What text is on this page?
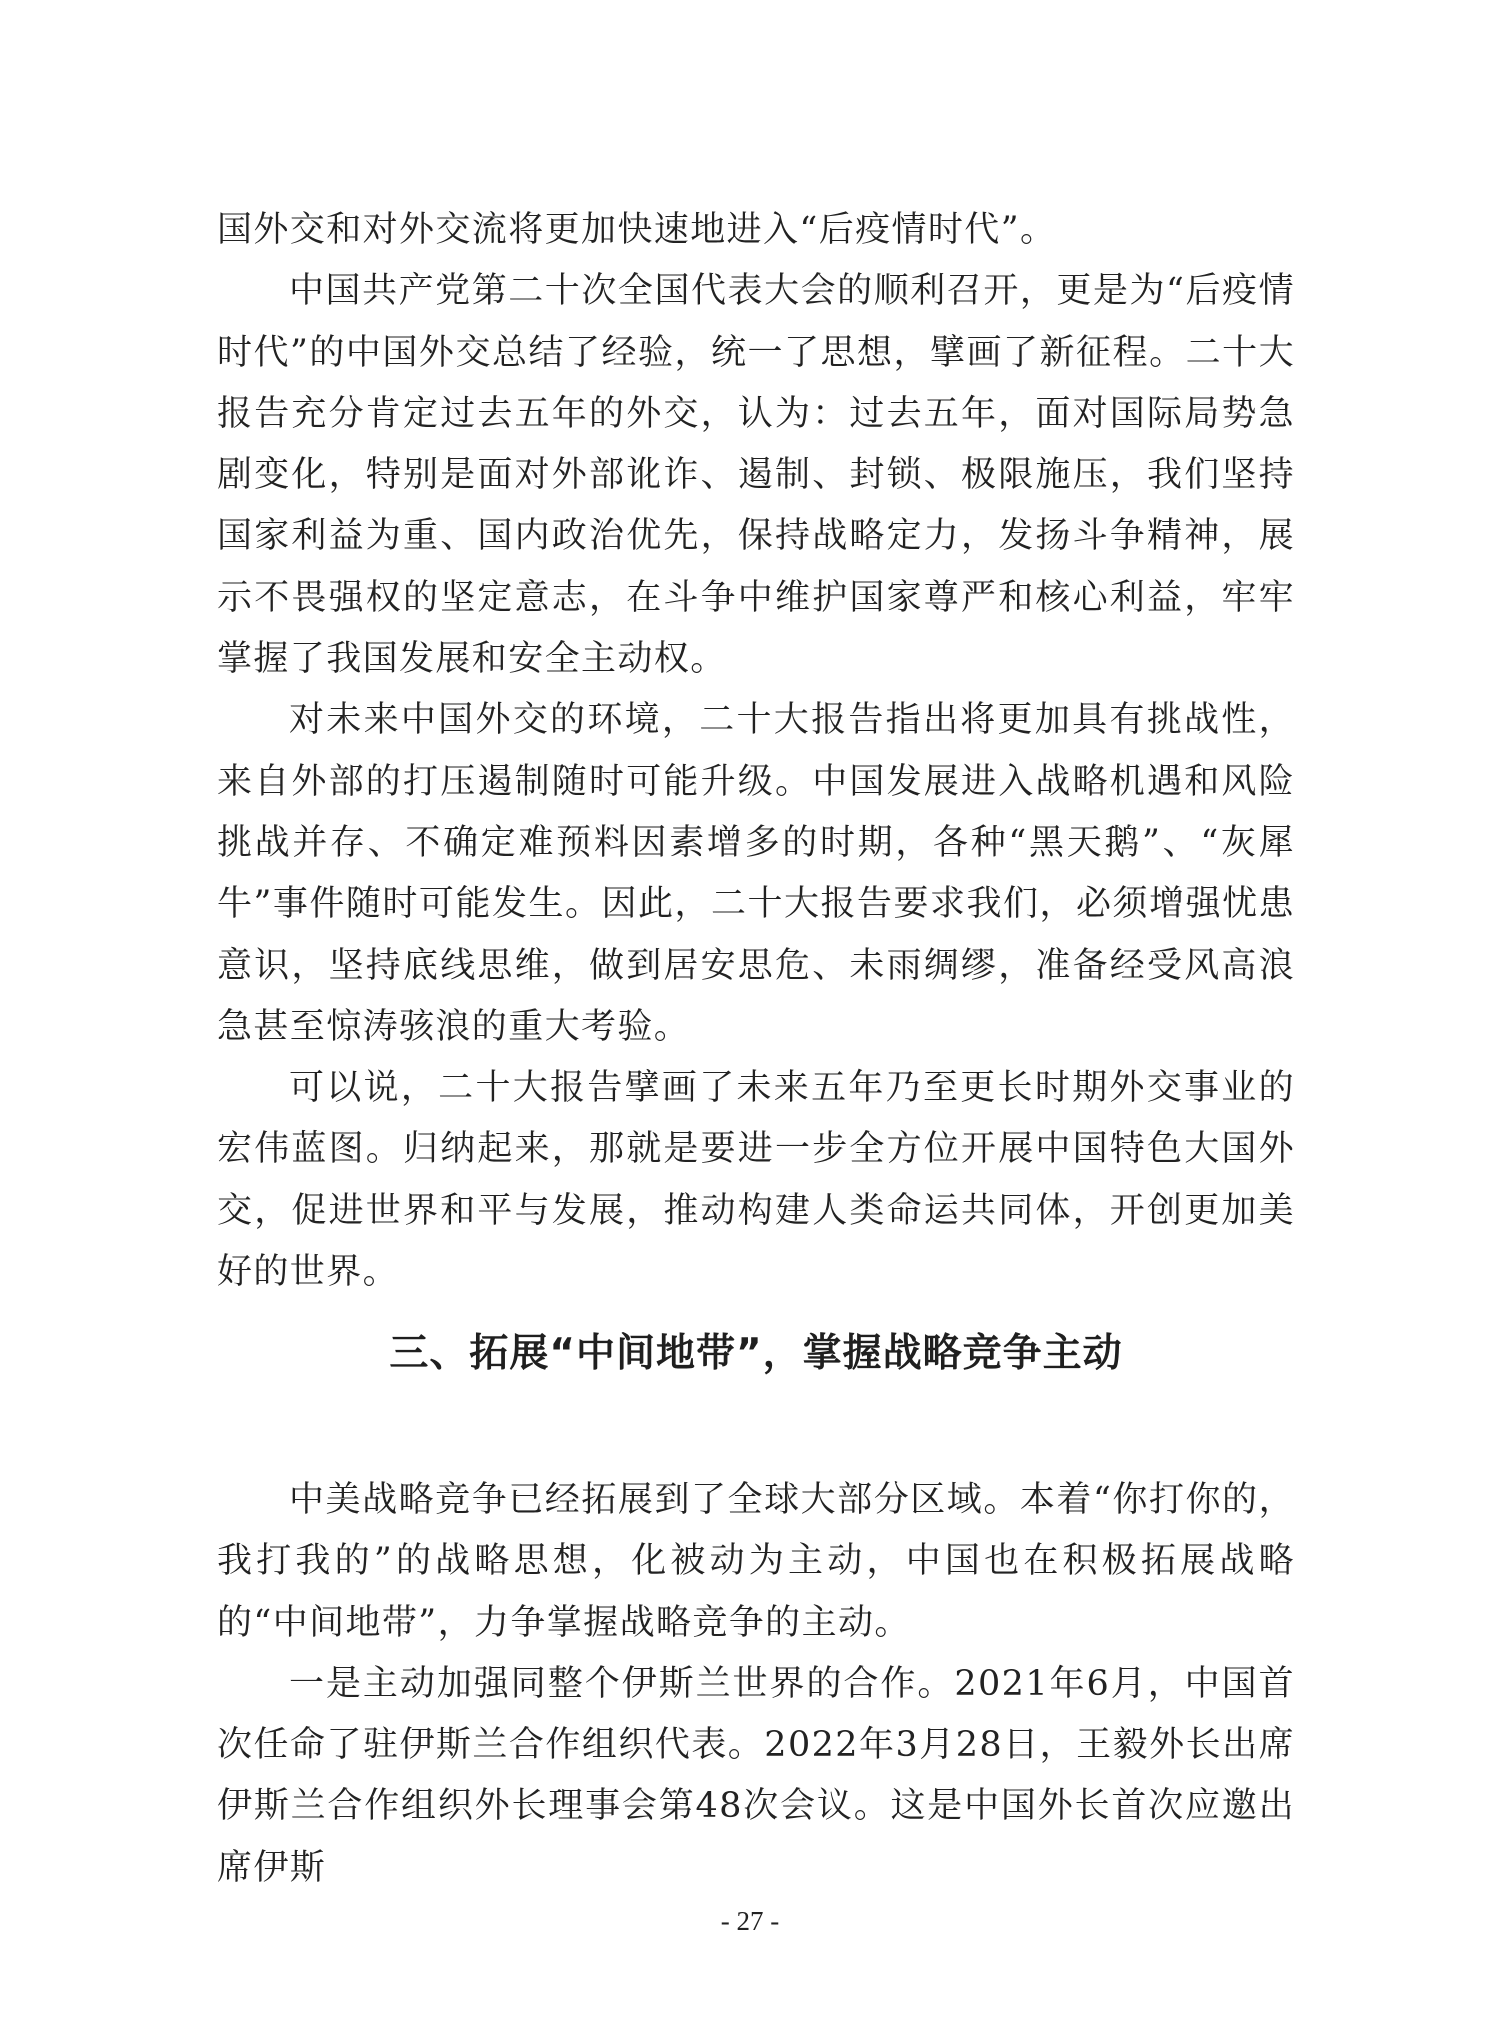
国外交和对外交流将更加快速地进入“后疫情时代”。

中国共产党第二十次全国代表大会的顺利召开，更是为“后疫情时代”的中国外交总结了经验，统一了思想，擘画了新征程。二十大报告充分肯定过去五年的外交，认为：过去五年，面对国际局势急剧变化，特别是面对外部讹诈、遏制、封锁、极限施压，我们坚持国家利益为重、国内政治优先，保持战略定力，发扬斗争精神，展示不畏强权的坚定意志，在斗争中维护国家尊严和核心利益，牢牢掌握了我国发展和安全主动权。

对未来中国外交的环境，二十大报告指出将更加具有挑战性，来自外部的打压遏制随时可能升级。中国发展进入战略机遇和风险挑战并存、不确定难预料因素增多的时期，各种“黑天鹅”、“灰犀牛”事件随时可能发生。因此，二十大报告要求我们，必须增强忧患意识，坚持底线思维，做到居安思危、未雨绸缪，准备经受风高浪急甚至惊涛骇浪的重大考验。

可以说，二十大报告擘画了未来五年乃至更长时期外交事业的宏伟蓝图。归纳起来，那就是要进一步全方位开展中国特色大国外交，促进世界和平与发展，推动构建人类命运共同体，开创更加美好的世界。

三、拓展“中间地带”，掌握战略竞争主动

中美战略竞争已经拓展到了全球大部分区域。本着“你打你的，我打我的”的战略思想，化被动为主动，中国也在积极拓展战略的“中间地带”，力争掌握战略竞争的主动。

一是主动加强同整个伊斯兰世界的合作。2021年6月，中国首次任命了驻伊斯兰合作组织代表。2022年3月28日，王毅外长出席伊斯兰合作组织外长理事会第48次会议。这是中国外长首次应邀出席伊斯

- 27 -
